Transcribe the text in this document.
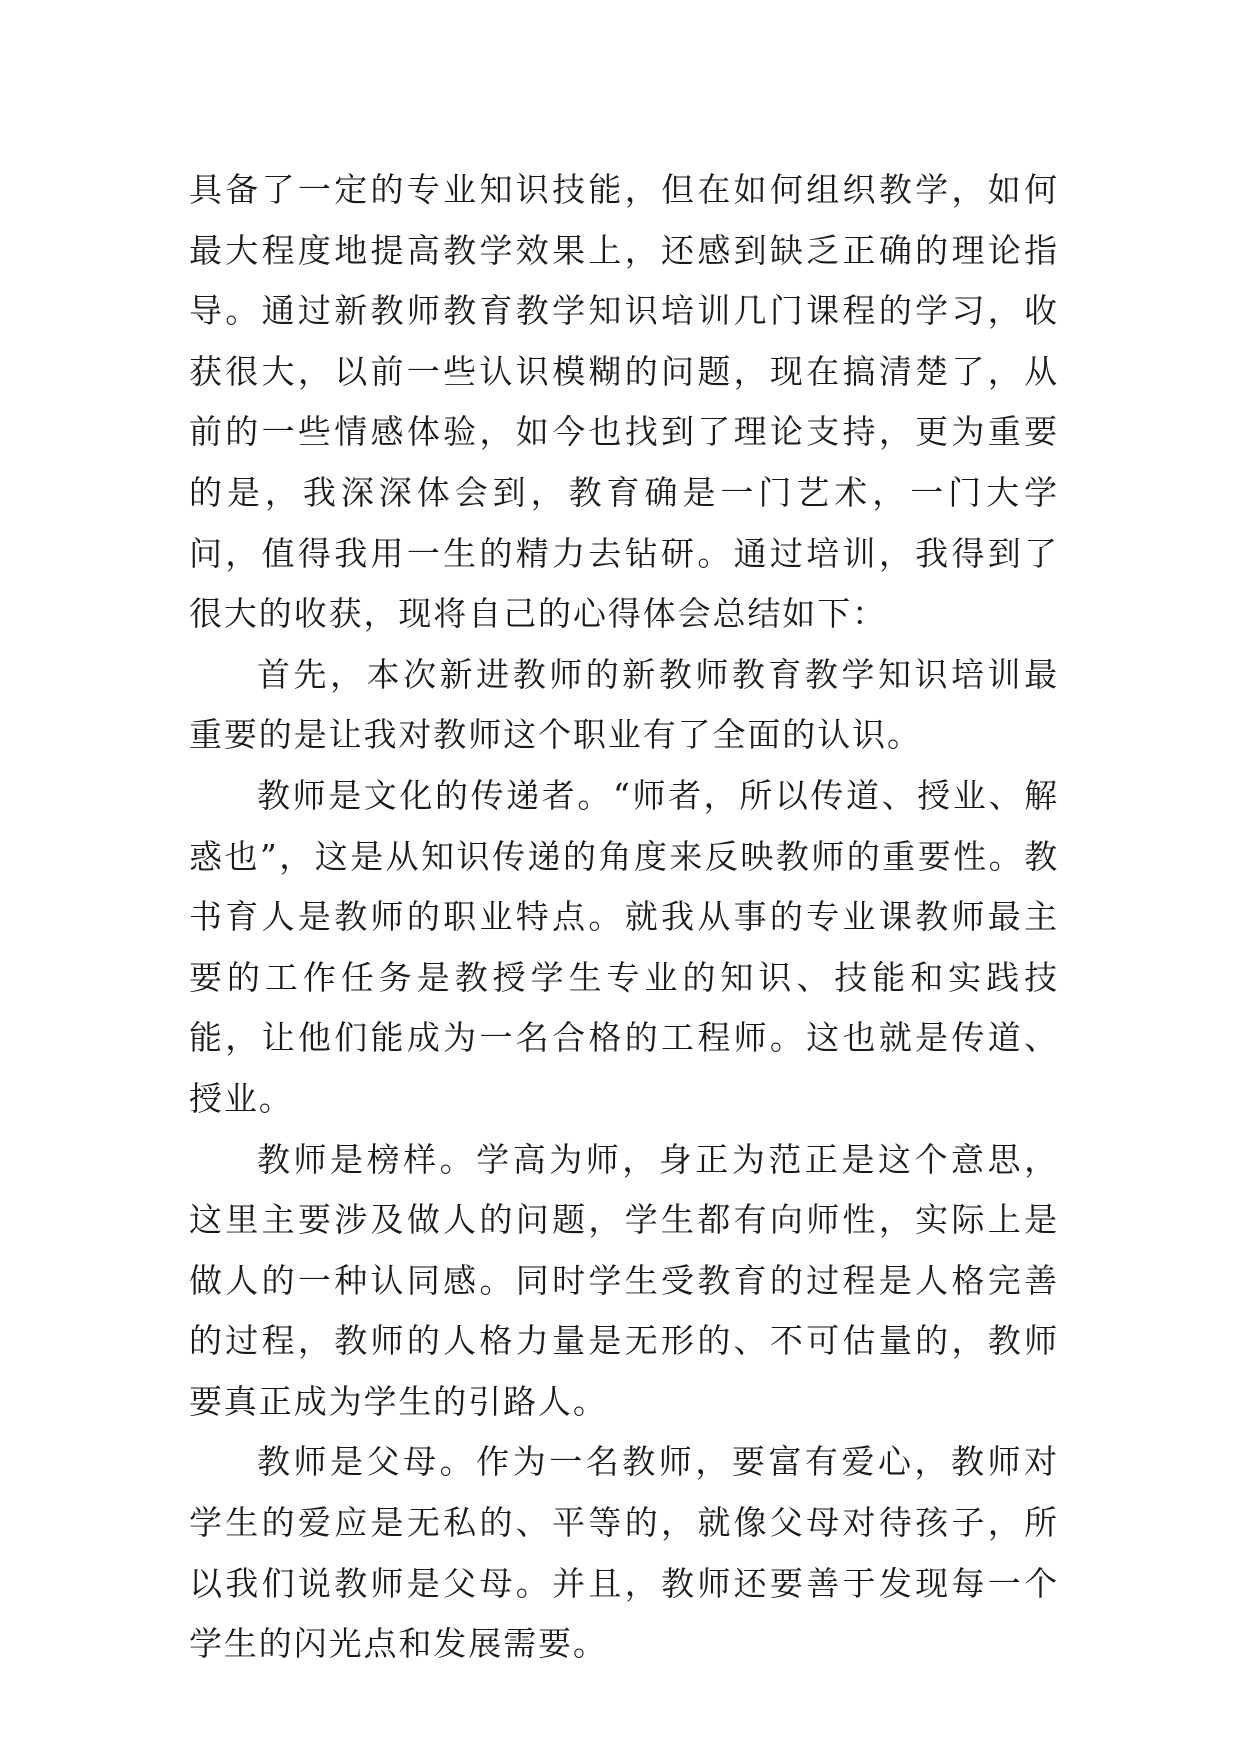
具备了一定的专业知识技能，但在如何组织教学，如何最大程度地提高教学效果上，还感到缺乏正确的理论指导。通过新教师教育教学知识培训几门课程的学习，收获很大，以前一些认识模糊的问题，现在搞清楚了，从前的一些情感体验，如今也找到了理论支持，更为重要的是，我深深体会到，教育确是一门艺术，一门大学问，值得我用一生的精力去钻研。通过培训，我得到了很大的收获，现将自己的心得体会总结如下：

首先，本次新进教师的新教师教育教学知识培训最重要的是让我对教师这个职业有了全面的认识。

教师是文化的传递者。“师者，所以传道、授业、解惑也”，这是从知识传递的角度来反映教师的重要性。教书育人是教师的职业特点。就我从事的专业课教师最主要的工作任务是教授学生专业的知识、技能和实践技能，让他们能成为一名合格的工程师。这也就是传道、授业。

教师是榜样。学高为师，身正为范正是这个意思，这里主要涉及做人的问题，学生都有向师性，实际上是做人的一种认同感。同时学生受教育的过程是人格完善的过程，教师的人格力量是无形的、不可估量的，教师要真正成为学生的引路人。

教师是父母。作为一名教师，要富有爱心，教师对学生的爱应是无私的、平等的，就像父母对待孩子，所以我们说教师是父母。并且，教师还要善于发现每一个学生的闪光点和发展需要。
